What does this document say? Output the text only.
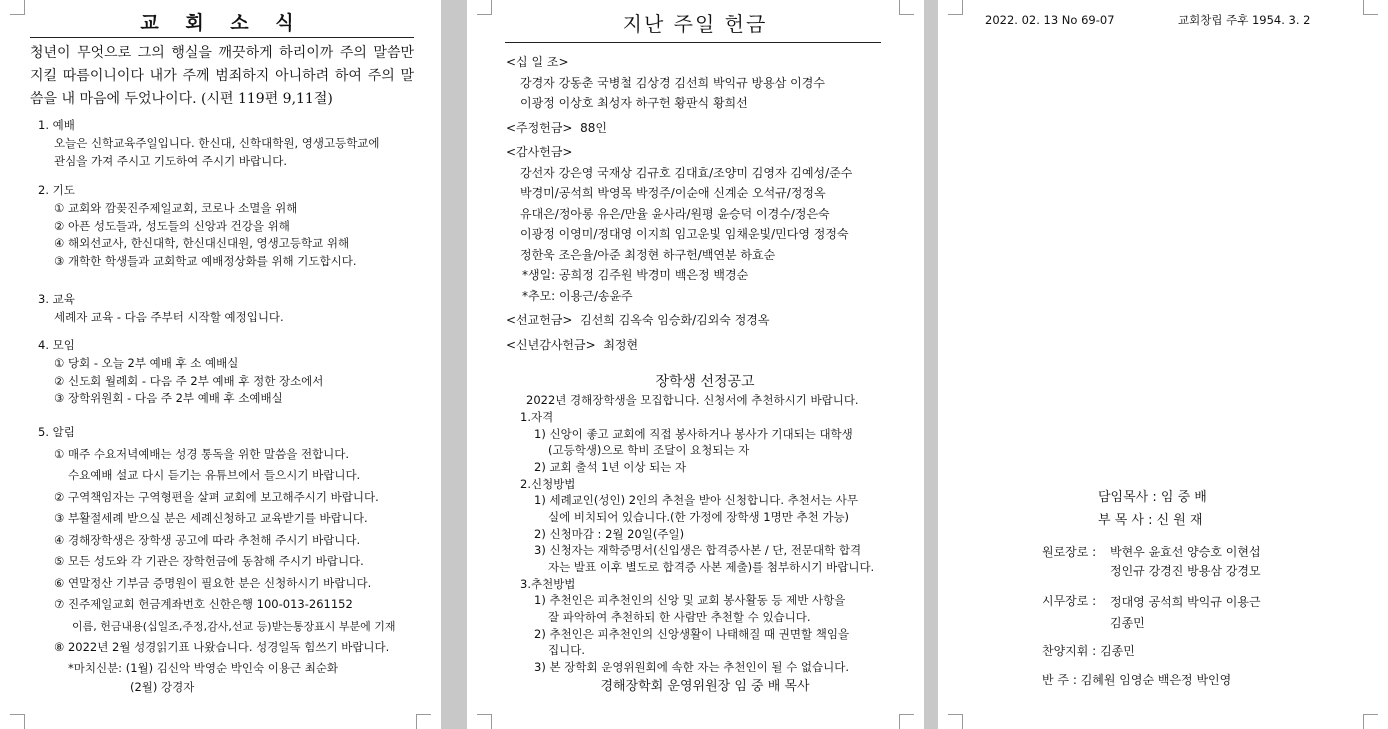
교 회 소 식
청년이 무엇으로 그의 행실을 깨끗하게 하리이까 주의 말씀만 지킬 따름이니이다 내가 주께 범죄하지 아니하려 하여 주의 말씀을 내 마음에 두었나이다. (시편 119편 9,11절)

1. 예배

오늘은 신학교육주일입니다. 한신대, 신학대학원, 영생고등학교에

관심을 가져 주시고 기도하여 주시기 바랍니다.

2. 기도

① 교회와 깜꽂진주제일교회, 코로나 소멸을 위해

② 아픈 성도들과, 성도들의 신앙과 건강을 위해

④ 해외선교사, 한신대학, 한신대신대원, 영생고등학교 위해

③ 개학한 학생들과 교회학교 예배정상화를 위해 기도합시다.

3. 교육

세례자 교육 - 다음 주부터 시작할 예정입니다.

4. 모임

① 당회 - 오늘 2부 예배 후 소 예배실

② 신도회 월례회 - 다음 주 2부 예배 후 정한 장소에서

③ 장학위원회 - 다음 주 2부 예배 후 소예배실

5. 알림

① 매주 수요저녁예배는 성경 통독을 위한 말씀을 전합니다.

수요예배 설교 다시 듣기는 유튜브에서 들으시기 바랍니다.

② 구역책임자는 구역형편을 살펴 교회에 보고해주시기 바랍니다.

③ 부활절세례 받으실 분은 세례신청하고 교육받기를 바랍니다.

④ 경해장학생은 장학생 공고에 따라 추천해 주시기 바랍니다.

⑤ 모든 성도와 각 기관은 장학헌금에 동참해 주시기 바랍니다.

⑥ 연말정산 기부금 증명원이 필요한 분은 신청하시기 바랍니다.

⑦ 진주제일교회 헌금계좌번호 신한은행 100-013-261152

이름, 헌금내용(십일조,주정,감사,선교 등)받는통장표시 부분에 기재

⑧ 2022년 2월 성경읽기표 나왔습니다. 성경일독 힘쓰기 바랍니다.

*마치신분: (1월) 김신악 박영순 박인숙 이용근 최순화

(2월) 강경자

지난 주일 헌금

<십 일 조>

강경자 강동춘 국병철 김상경 김선희 박익규 방용삼 이경수

이광정 이상호 최성자 하구헌 황판식 황희선

<주정헌금> 88인

<감사헌금>

강선자 강은영 국재상 김규호 김대효/조양미 김영자 김예성/준수

박경미/공석희 박영목 박정주/이순애 신계순 오석규/정정옥

유대은/정아롱 유은/만율 윤사라/원평 윤승덕 이경수/정은숙

이광정 이영미/정대영 이지희 임고운빛 임채운빛/민다영 정정숙

정한욱 조은율/아준 최정현 하구헌/백연분 하효순

*생일: 공희정 김주원 박경미 백은정 백경순

*추모: 이용근/송윤주

<선교헌금> 김선희 김옥숙 임승화/김외숙 정경옥

<신년감사헌금> 최정현

장학생 선정공고

2022년 경해장학생을 모집합니다. 신청서에 추천하시기 바랍니다.

1.자격

1) 신앙이 좋고 교회에 직접 봉사하거나 봉사가 기대되는 대학생

(고등학생)으로 학비 조달이 요청되는 자

2) 교회 출석 1년 이상 되는 자

2.신청방법

1) 세례교인(성인) 2인의 추천을 받아 신청합니다. 추천서는 사무

실에 비치되어 있습니다.(한 가정에 장학생 1명만 추천 가능)

2) 신청마감 : 2월 20일(주일)

3) 신청자는 재학증명서(신입생은 합격증사본 / 단, 전문대학 합격

자는 발표 이후 별도로 합격증 사본 제출)를 첨부하시기 바랍니다.

3.추천방법

1) 추천인은 피추천인의 신앙 및 교회 봉사활동 등 제반 사항을

잘 파악하여 추천하되 한 사람만 추천할 수 있습니다.

2) 추천인은 피추천인의 신앙생활이 나태해질 때 권면할 책임을

집니다.

3) 본 장학회 운영위원회에 속한 자는 추천인이 될 수 없습니다.

경해장학회 운영위원장 임 중 배 목사

2022. 02. 13 No 69-07	교회창립 주후 1954. 3. 2
담임목사 : 임 중 배
부 목 사 : 신 원 재
원로장로 : 박현우 윤효선 양승호 이현섭
정인규 강경진 방용삼 강경모
시무장로 : 정대영 공석희 박익규 이용근
김종민
찬양지휘 : 김종민
반 주 : 김혜원 임영순 백은정 박인영
